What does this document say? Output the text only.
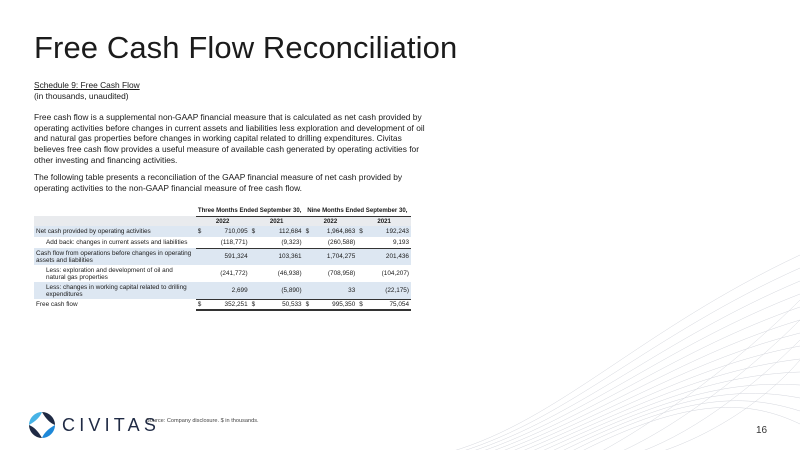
Free Cash Flow Reconciliation
Schedule 9: Free Cash Flow
(in thousands, unaudited)
Free cash flow is a supplemental non-GAAP financial measure that is calculated as net cash provided by operating activities before changes in current assets and liabilities less exploration and development of oil and natural gas properties before changes in working capital related to drilling expenditures. Civitas believes free cash flow provides a useful measure of available cash generated by operating activities for other investing and financing activities.
The following table presents a reconciliation of the GAAP financial measure of net cash provided by operating activities to the non-GAAP financial measure of free cash flow.
	Three Months Ended September 30,				Nine Months Ended September 30,			
	2022		2021		2022		2021	
Net cash provided by operating activities	$	710,095	$	112,684	$	1,964,863	$	192,243
Add back: changes in current assets and liabilities		(118,771)		(9,323)		(260,588)		9,193
Cash flow from operations before changes in operating assets and liabilities		591,324		103,361		1,704,275		201,436
Less: exploration and development of oil and natural gas properties		(241,772)		(46,938)		(708,958)		(104,207)
Less: changes in working capital related to drilling expenditures		2,699		(5,890)		33		(22,175)
Free cash flow	$	352,251	$	50,533	$	995,350	$	75,054
CIVITAS
Source: Company disclosure. $ in thousands.
16
